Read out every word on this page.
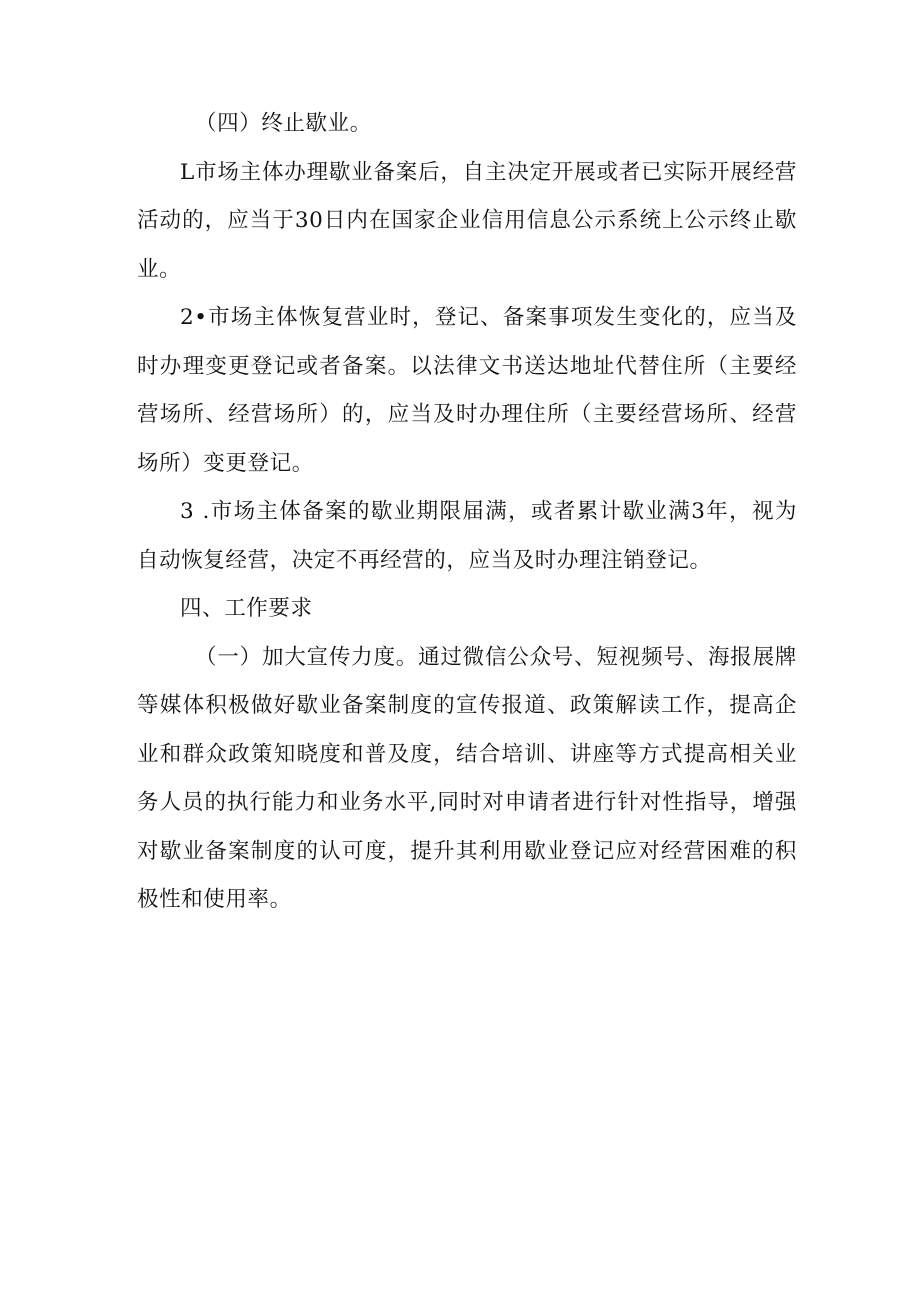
（四）终止歇业。

L市场主体办理歇业备案后，自主决定开展或者已实际开展经营活动的，应当于30日内在国家企业信用信息公示系统上公示终止歇业。

2•市场主体恢复营业时，登记、备案事项发生变化的，应当及时办理变更登记或者备案。以法律文书送达地址代替住所（主要经营场所、经营场所）的，应当及时办理住所（主要经营场所、经营场所）变更登记。

3 .市场主体备案的歇业期限届满，或者累计歇业满3年，视为自动恢复经营，决定不再经营的，应当及时办理注销登记。

四、工作要求

（一）加大宣传力度。通过微信公众号、短视频号、海报展牌等媒体积极做好歇业备案制度的宣传报道、政策解读工作，提高企业和群众政策知晓度和普及度，结合培训、讲座等方式提高相关业务人员的执行能力和业务水平,同时对申请者进行针对性指导，增强对歇业备案制度的认可度，提升其利用歇业登记应对经营困难的积极性和使用率。
